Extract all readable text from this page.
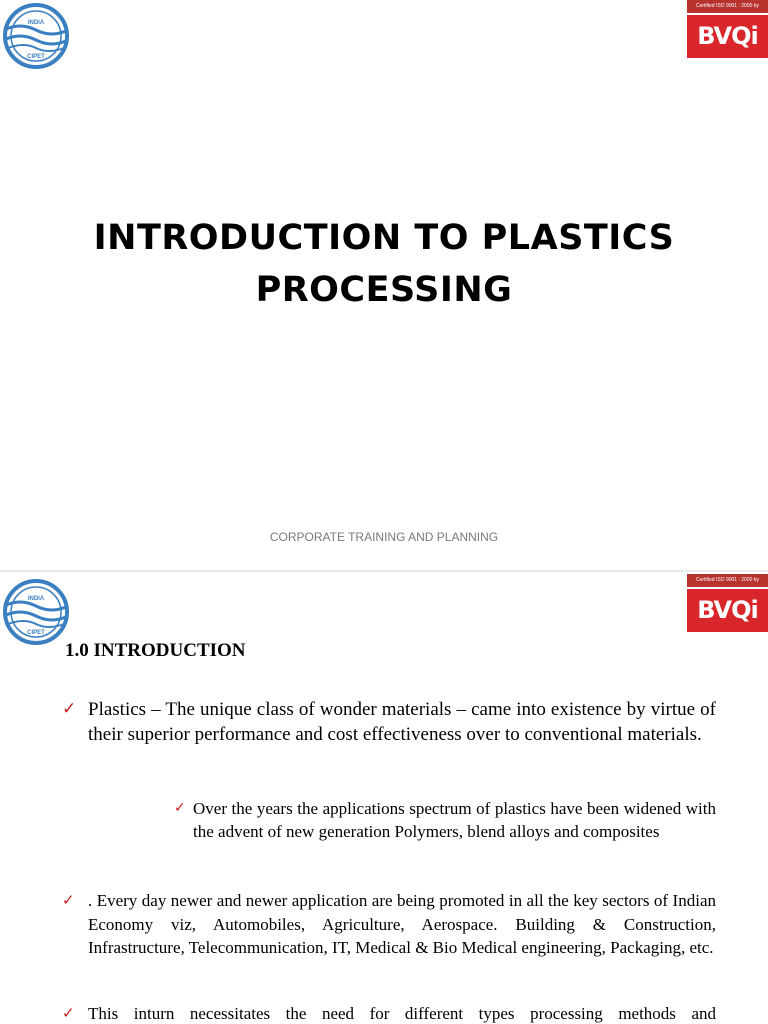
INDIA
CIPET
Certified ISO 9001 : 2000 by
BVQi
INTRODUCTION TO PLASTICS PROCESSING
CORPORATE TRAINING AND PLANNING
INDIA
CIPET
Certified ISO 9001 : 2000 by
BVQi
1.0 INTRODUCTION
✓ Plastics – The unique class of wonder materials – came into existence by virtue of their superior performance and cost effectiveness over to conventional materials.
✓ Over the years the applications spectrum of plastics have been widened with the advent of new generation Polymers, blend alloys and composites
✓ . Every day newer and newer application are being promoted in all the key sectors of Indian Economy viz, Automobiles, Agriculture, Aerospace. Building & Construction, Infrastructure, Telecommunication, IT, Medical & Bio Medical engineering, Packaging, etc.
✓ This inturn necessitates the need for different types processing methods and
